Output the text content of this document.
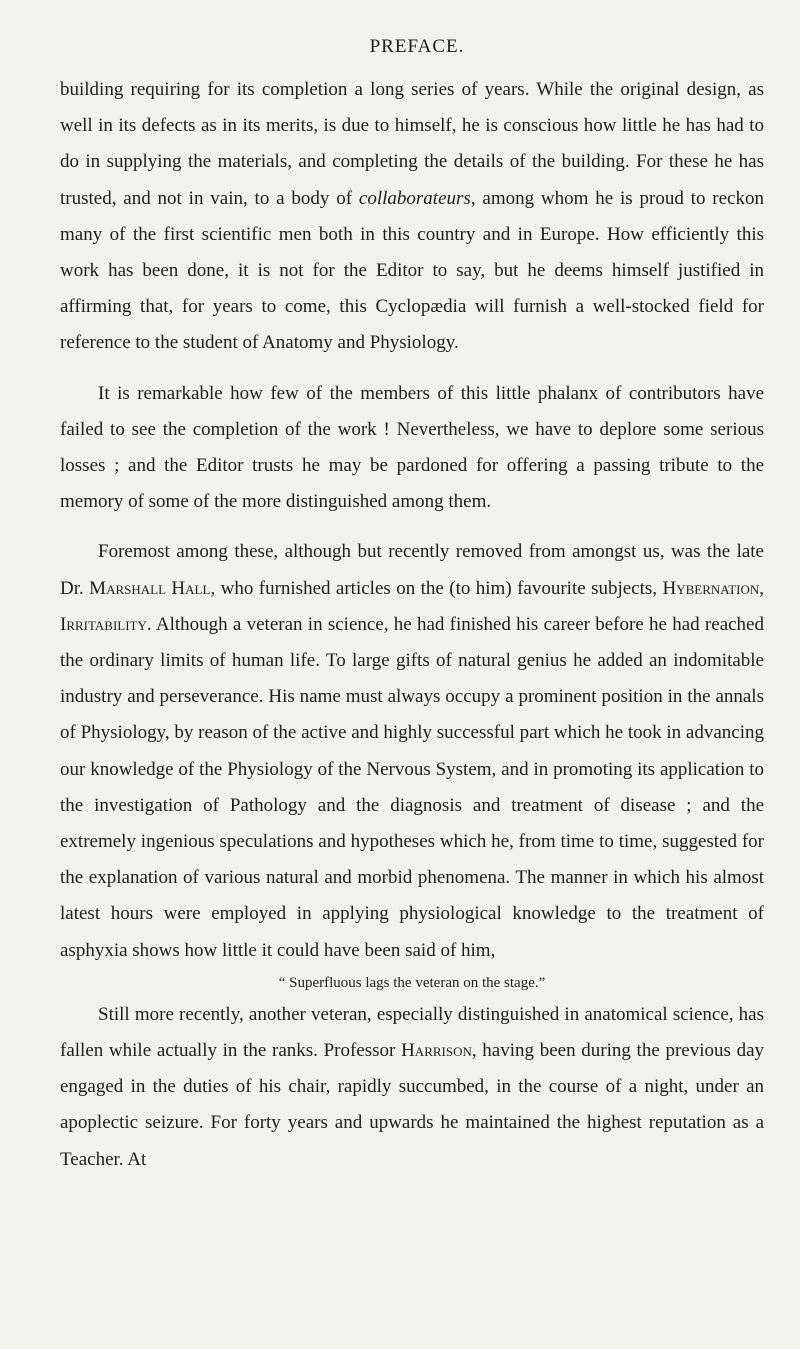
PREFACE.

building requiring for its completion a long series of years. While the original design, as well in its defects as in its merits, is due to himself, he is conscious how little he has had to do in supplying the materials, and completing the details of the building. For these he has trusted, and not in vain, to a body of collaborateurs, among whom he is proud to reckon many of the first scientific men both in this country and in Europe. How efficiently this work has been done, it is not for the Editor to say, but he deems himself justified in affirming that, for years to come, this Cyclopædia will furnish a well-stocked field for reference to the student of Anatomy and Physiology.

It is remarkable how few of the members of this little phalanx of contributors have failed to see the completion of the work ! Nevertheless, we have to deplore some serious losses ; and the Editor trusts he may be pardoned for offering a passing tribute to the memory of some of the more distinguished among them.

Foremost among these, although but recently removed from amongst us, was the late Dr. Marshall Hall, who furnished articles on the (to him) favourite subjects, Hybernation, Irritability. Although a veteran in science, he had finished his career before he had reached the ordinary limits of human life. To large gifts of natural genius he added an indomitable industry and perseverance. His name must always occupy a prominent position in the annals of Physiology, by reason of the active and highly successful part which he took in advancing our knowledge of the Physiology of the Nervous System, and in promoting its application to the investigation of Pathology and the diagnosis and treatment of disease ; and the extremely ingenious speculations and hypotheses which he, from time to time, suggested for the explanation of various natural and morbid phenomena. The manner in which his almost latest hours were employed in applying physiological knowledge to the treatment of asphyxia shows how little it could have been said of him,

“ Superfluous lags the veteran on the stage.”

Still more recently, another veteran, especially distinguished in anatomical science, has fallen while actually in the ranks. Professor Harrison, having been during the previous day engaged in the duties of his chair, rapidly succumbed, in the course of a night, under an apoplectic seizure. For forty years and upwards he maintained the highest reputation as a Teacher. At
